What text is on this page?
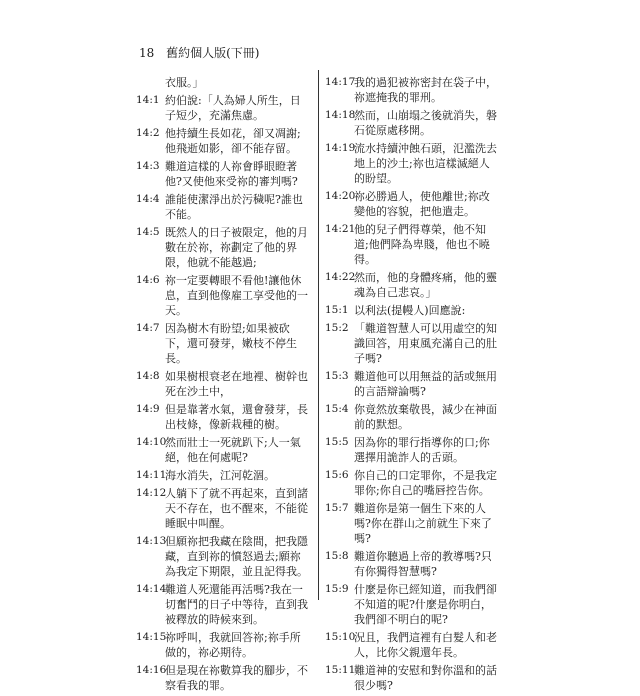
18 舊約個人版(下冊)
衣服。」
14:1 約伯說:「人為婦人所生，日
子短少，充滿焦慮。
14:2 他持續生長如花，卻又凋謝;
他飛逝如影，卻不能存留。
14:3 難道這樣的人祢會睜眼瞪著
他?又使他來受祢的審判嗎?
14:4 誰能使潔淨出於污穢呢?誰也
不能。
14:5 既然人的日子被限定，他的月
數在於祢，祢劃定了他的界
限，他就不能越過;
14:6 祢一定要轉眼不看他!讓他休
息，直到他像雇工享受他的一
天。
14:7 因為樹木有盼望;如果被砍
下，還可發芽，嫩枝不停生
長。
14:8 如果樹根衰老在地裡、樹幹也
死在沙土中，
14:9 但是靠著水氣，還會發芽，長
出枝條，像新栽種的樹。
14:10
然而壯士一死就趴下;人一氣
絕，他在何處呢?
14:11
海水消失，江河乾涸。
14:12
人躺下了就不再起來，直到諸
天不存在，也不醒來，不能從
睡眠中叫醒。
14:13
但願祢把我藏在陰間，把我隱
藏，直到祢的憤怒過去;願祢
為我定下期限，並且記得我。
14:14
難道人死還能再活嗎?我在一
切奮鬥的日子中等待，直到我
被釋放的時候來到。
14:15
祢呼叫，我就回答祢;祢手所
做的，祢必期待。
14:16
但是現在祢數算我的腳步，不
察看我的罪。
14:17
我的過犯被祢密封在袋子中，
祢遮掩我的罪刑。
14:18
然而，山崩塌之後就消失，磐
石從原處移開。
14:19
流水持續沖蝕石頭，氾濫洗去
地上的沙土;祢也這樣滅絕人
的盼望。
14:20
祢必勝過人，使他離世;祢改
變他的容貌，把他遣走。
14:21
他的兒子們得尊榮，他不知
道;他們降為卑賤，他也不曉
得。
14:22
然而，他的身體疼痛，他的靈
魂為自己悲哀。」
15:1 以利法(提幔人)回應說:
15:2 「難道智慧人可以用虛空的知
識回答，用東風充滿自己的肚
子嗎?
15:3 難道他可以用無益的話或無用
的言語辯論嗎?
15:4 你竟然放棄敬畏，減少在神面
前的默想。
15:5 因為你的罪行指導你的口;你
選擇用詭詐人的舌頭。
15:6 你自己的口定罪你，不是我定
罪你;你自己的嘴唇控告你。
15:7 難道你是第一個生下來的人
嗎?你在群山之前就生下來了
嗎?
15:8 難道你聽過上帝的教導嗎?只
有你獨得智慧嗎?
15:9 什麼是你已經知道，而我們卻
不知道的呢?什麼是你明白，
我們卻不明白的呢?
15:10
況且，我們這裡有白髮人和老
人，比你父親還年長。
15:11
難道神的安慰和對你溫和的話
很少嗎?
